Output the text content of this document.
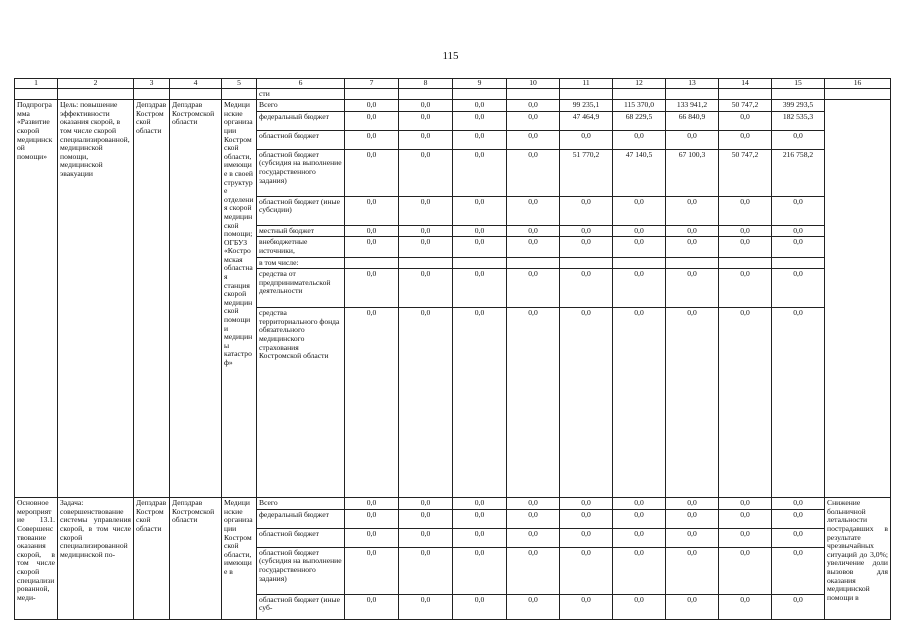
115
1	2	3	4	5	6	7	8	9	10	11	12	13	14	15	16
					сти										
Подпрограмма «Развитие скорой медицинской помощи»	Цель: повышение эффективности оказания скорой, в том числе скорой специализированной, медицинской помощи, медицинской эвакуации	Депздрав Костромской области	Депздрав Костромской области	Медицинские организации Костромской области, имеющие в своей структуре отделения скорой медицинской помощи; ОГБУЗ «Костромская областная станция скорой медицинской помощи и медицины катастроф»	Всего	0,0	0,0	0,0	0,0	99 235,1	115 370,0	133 941,2	50 747,2	399 293,5	
					федеральный бюджет	0,0	0,0	0,0	0,0	47 464,9	68 229,5	66 840,9	0,0	182 535,3	
					областной бюджет	0,0	0,0	0,0	0,0	0,0	0,0	0,0	0,0	0,0	
					областной бюджет (субсидия на выполнение государственного задания)	0,0	0,0	0,0	0,0	51 770,2	47 140,5	67 100,3	50 747,2	216 758,2	
					областной бюджет (иные субсидии)	0,0	0,0	0,0	0,0	0,0	0,0	0,0	0,0	0,0	
					местный бюджет	0,0	0,0	0,0	0,0	0,0	0,0	0,0	0,0	0,0	
					внебюджетные источники,	0,0	0,0	0,0	0,0	0,0	0,0	0,0	0,0	0,0	
					в том числе:										
					средства от предпринимательской деятельности	0,0	0,0	0,0	0,0	0,0	0,0	0,0	0,0	0,0	
					средства территориального фонда обязательного медицинского страхования Костромской области	0,0	0,0	0,0	0,0	0,0	0,0	0,0	0,0	0,0	
Основное мероприятие 13.1. Совершенствование оказания скорой, в том числе скорой специализированной, меди-	Задача: совершенствование системы управления скорой, в том числе скорой специализированной медицинской по-	Депздрав Костромской области	Депздрав Костромской области	Медицинские организации Костромской области, имеющие в	Всего	0,0	0,0	0,0	0,0	0,0	0,0	0,0	0,0	0,0	Снижение больничной летальности пострадавших в результате чрезвычайных ситуаций до 3,0%; увеличение доли вызовов для оказания медицинской помощи в
					федеральный бюджет	0,0	0,0	0,0	0,0	0,0	0,0	0,0	0,0	0,0	
					областной бюджет	0,0	0,0	0,0	0,0	0,0	0,0	0,0	0,0	0,0	
					областной бюджет (субсидия на выполнение государственного задания)	0,0	0,0	0,0	0,0	0,0	0,0	0,0	0,0	0,0	
					областной бюджет (иные суб-	0,0	0,0	0,0	0,0	0,0	0,0	0,0	0,0	0,0	
